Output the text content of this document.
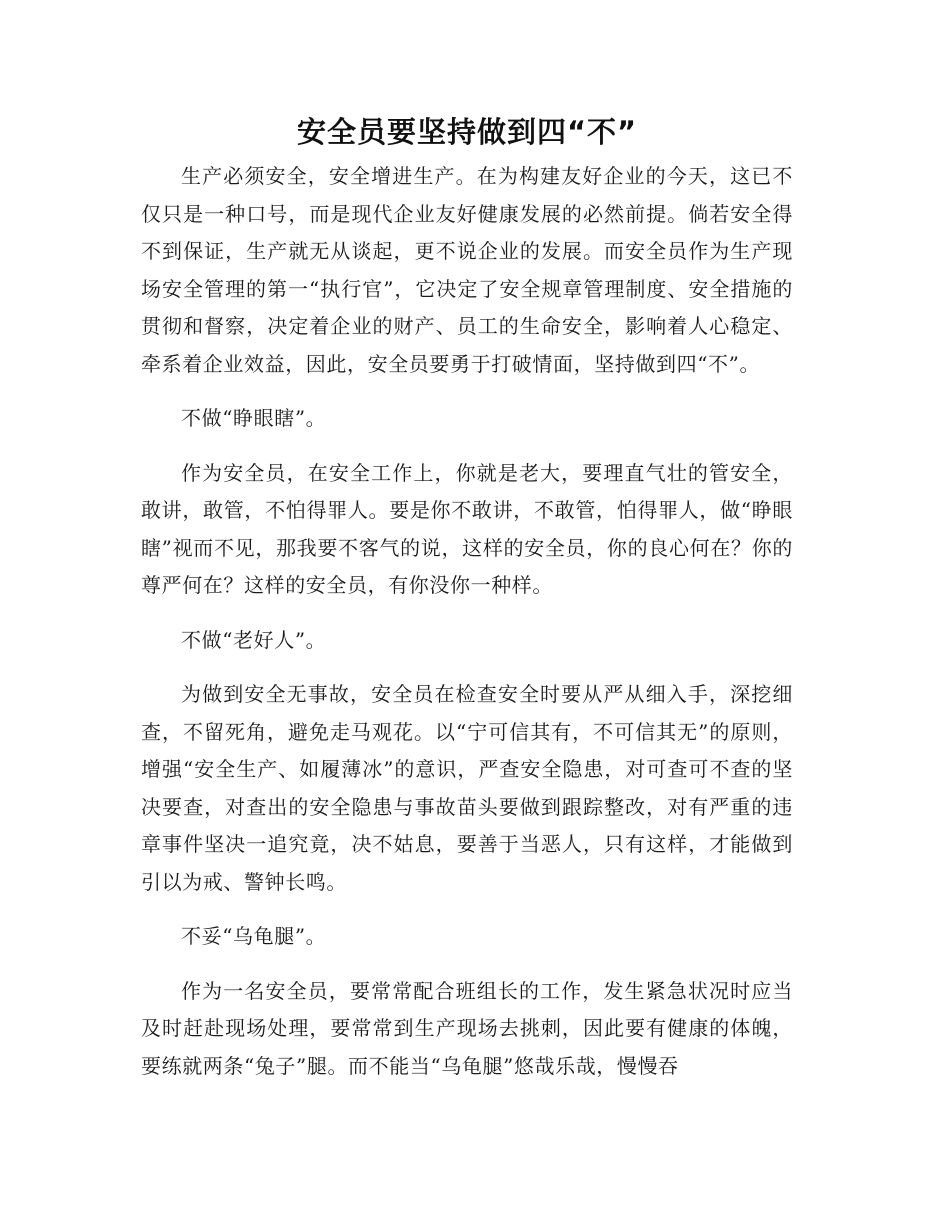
安全员要坚持做到四“不”

生产必须安全，安全增进生产。在为构建友好企业的今天，这已不仅只是一种口号，而是现代企业友好健康发展的必然前提。倘若安全得不到保证，生产就无从谈起，更不说企业的发展。而安全员作为生产现场安全管理的第一“执行官”，它决定了安全规章管理制度、安全措施的贯彻和督察，决定着企业的财产、员工的生命安全，影响着人心稳定、牵系着企业效益，因此，安全员要勇于打破情面，坚持做到四“不”。

不做“睁眼瞎”。

作为安全员，在安全工作上，你就是老大，要理直气壮的管安全，敢讲，敢管，不怕得罪人。要是你不敢讲，不敢管，怕得罪人，做“睁眼瞎”视而不见，那我要不客气的说，这样的安全员，你的良心何在？你的尊严何在？这样的安全员，有你没你一种样。

不做“老好人”。

为做到安全无事故，安全员在检查安全时要从严从细入手，深挖细查，不留死角，避免走马观花。以“宁可信其有，不可信其无”的原则，增强“安全生产、如履薄冰”的意识，严查安全隐患，对可查可不查的坚决要查，对查出的安全隐患与事故苗头要做到跟踪整改，对有严重的违章事件坚决一追究竟，决不姑息，要善于当恶人，只有这样，才能做到引以为戒、警钟长鸣。

不妥“乌龟腿”。

作为一名安全员，要常常配合班组长的工作，发生紧急状况时应当及时赶赴现场处理，要常常到生产现场去挑刺，因此要有健康的体魄，要练就两条“兔子”腿。而不能当“乌龟腿”悠哉乐哉，慢慢吞
